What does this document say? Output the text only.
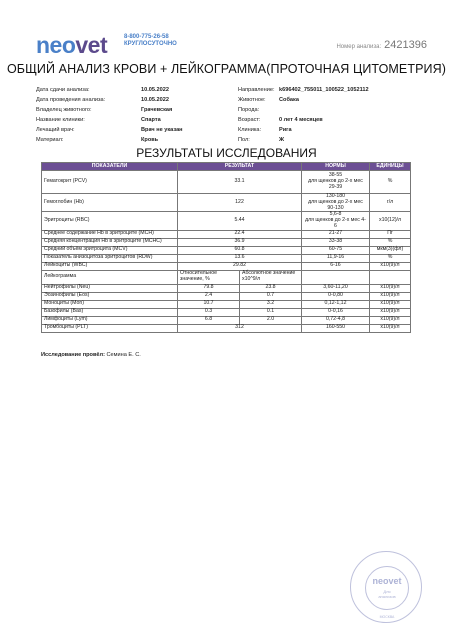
neovet	8-800-775-26-58
КРУГЛОСУТОЧНО	Номер анализа: 2421396
ОБЩИЙ АНАЛИЗ КРОВИ + ЛЕЙКОГРАММА(ПРОТОЧНАЯ ЦИТОМЕТРИЯ)
Дата сдачи анализа:	10.05.2022
Дата проведения анализа:	10.05.2022
Владелец животного:	Грачевская
Название клиники:	Спарта
Лечащий врач:	Врач не указан
Материал:	Кровь
Направление: k696402_755011_100522_1052112
Животное:	Собака
Порода:
Возраст:	0 лет 4 месяцев
Клиника:	Рига
Пол:	Ж
РЕЗУЛЬТАТЫ ИССЛЕДОВАНИЯ
ПОКАЗАТЕЛИ	РЕЗУЛЬТАТ		НОРМЫ	ЕДИНИЦЫ
Гематокрит (PCV)	33.1		38-55
для щенков до 2-х мес
29-39	%
Гемоглобин (Hb)	122		130-180
для щенков до 2-х мес
90-130	г/л
Эритроциты (RBC)	5.44		5,6-8
для щенков до 2-х мес 4-6	x10(12)/л
Среднее содержание Hb в эритроците (MCH)	22.4		21-27	Пг
Средняя концентрация Hb в эритроците (MCHC)	36.9		33-38	%
Средний объём эритроцита (MCV)	60.8		60-75	мкм(3)(фл)
Показатель анизоцитоза эритроцитов (RDW)	13.6		11,9-16	%
Лейкоциты (WBC)	29.82		6-16	x10(9)/л
Лейкограмма	Относительное значение, %	Абсолютное значение х10^9/л		
Нейтрофилы (Neu)	79.8	23.8	3,60-11,20	x10(9)/л
Эозинофилы (Eos)	2.4	0.7	0-0,80	x10(9)/л
Моноциты (Mon)	10.7	3.2	0,12-1,12	x10(9)/л
Базофилы (Bas)	0.3	0.1	0-0,16	x10(9)/л
Лимфоциты (Lym)	6.8	2.0	0,72-4,8	x10(9)/л
Тромбоциты (PLT)	312		160-550	x10(9)/л
Исследование провёл: Семина Е. С.
neovet
Для
анализов
МОСКВА
